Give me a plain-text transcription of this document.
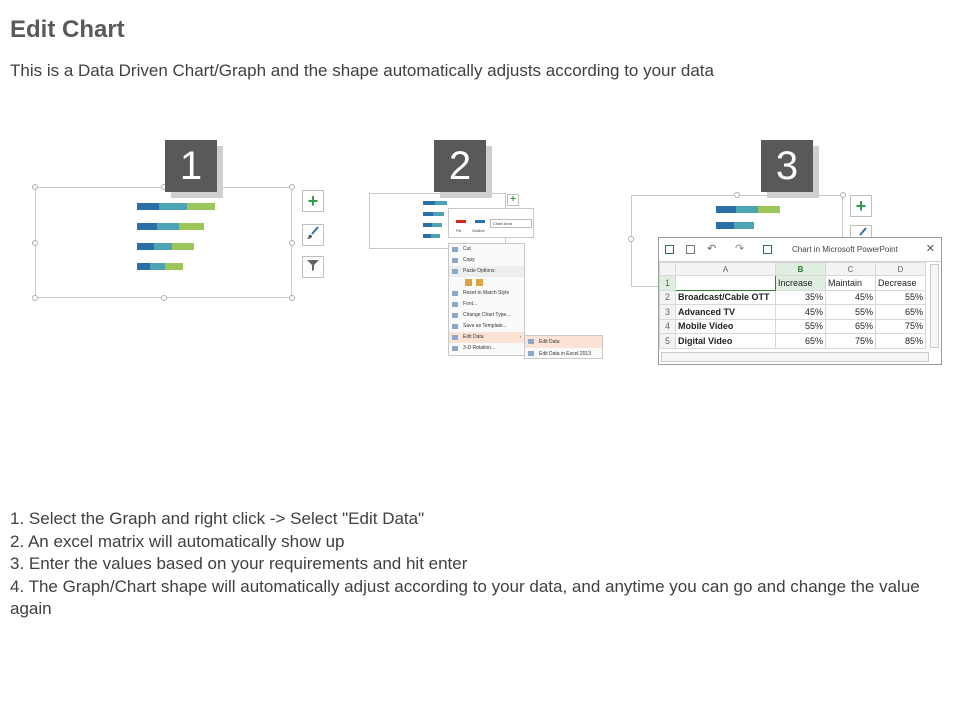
Edit Chart
This is a Data Driven Chart/Graph and the shape automatically adjusts according to your data
1
+
2
+
Fill	Outline
Chart Area
Cut
Copy
Paste Options:
Reset to Match Style
Font...
Change Chart Type...
Save as Template...
Edit Data	›
3-D Rotation...
Edit Data
Edit Data in Excel 2013
3
+
↶ ↷	Chart in Microsoft PowerPoint	✕
	A	B	C	D
1		Increase	Maintain	Decrease
2	Broadcast/Cable OTT	35%	45%	55%
3	Advanced TV	45%	55%	65%
4	Mobile Video	55%	65%	75%
5	Digital Video	65%	75%	85%
1. Select the Graph and right click -> Select "Edit Data"
2. An excel matrix will automatically show up
3. Enter the values based on your requirements and hit enter
4. The Graph/Chart shape will automatically adjust according to your data, and anytime you can go and change the value again
